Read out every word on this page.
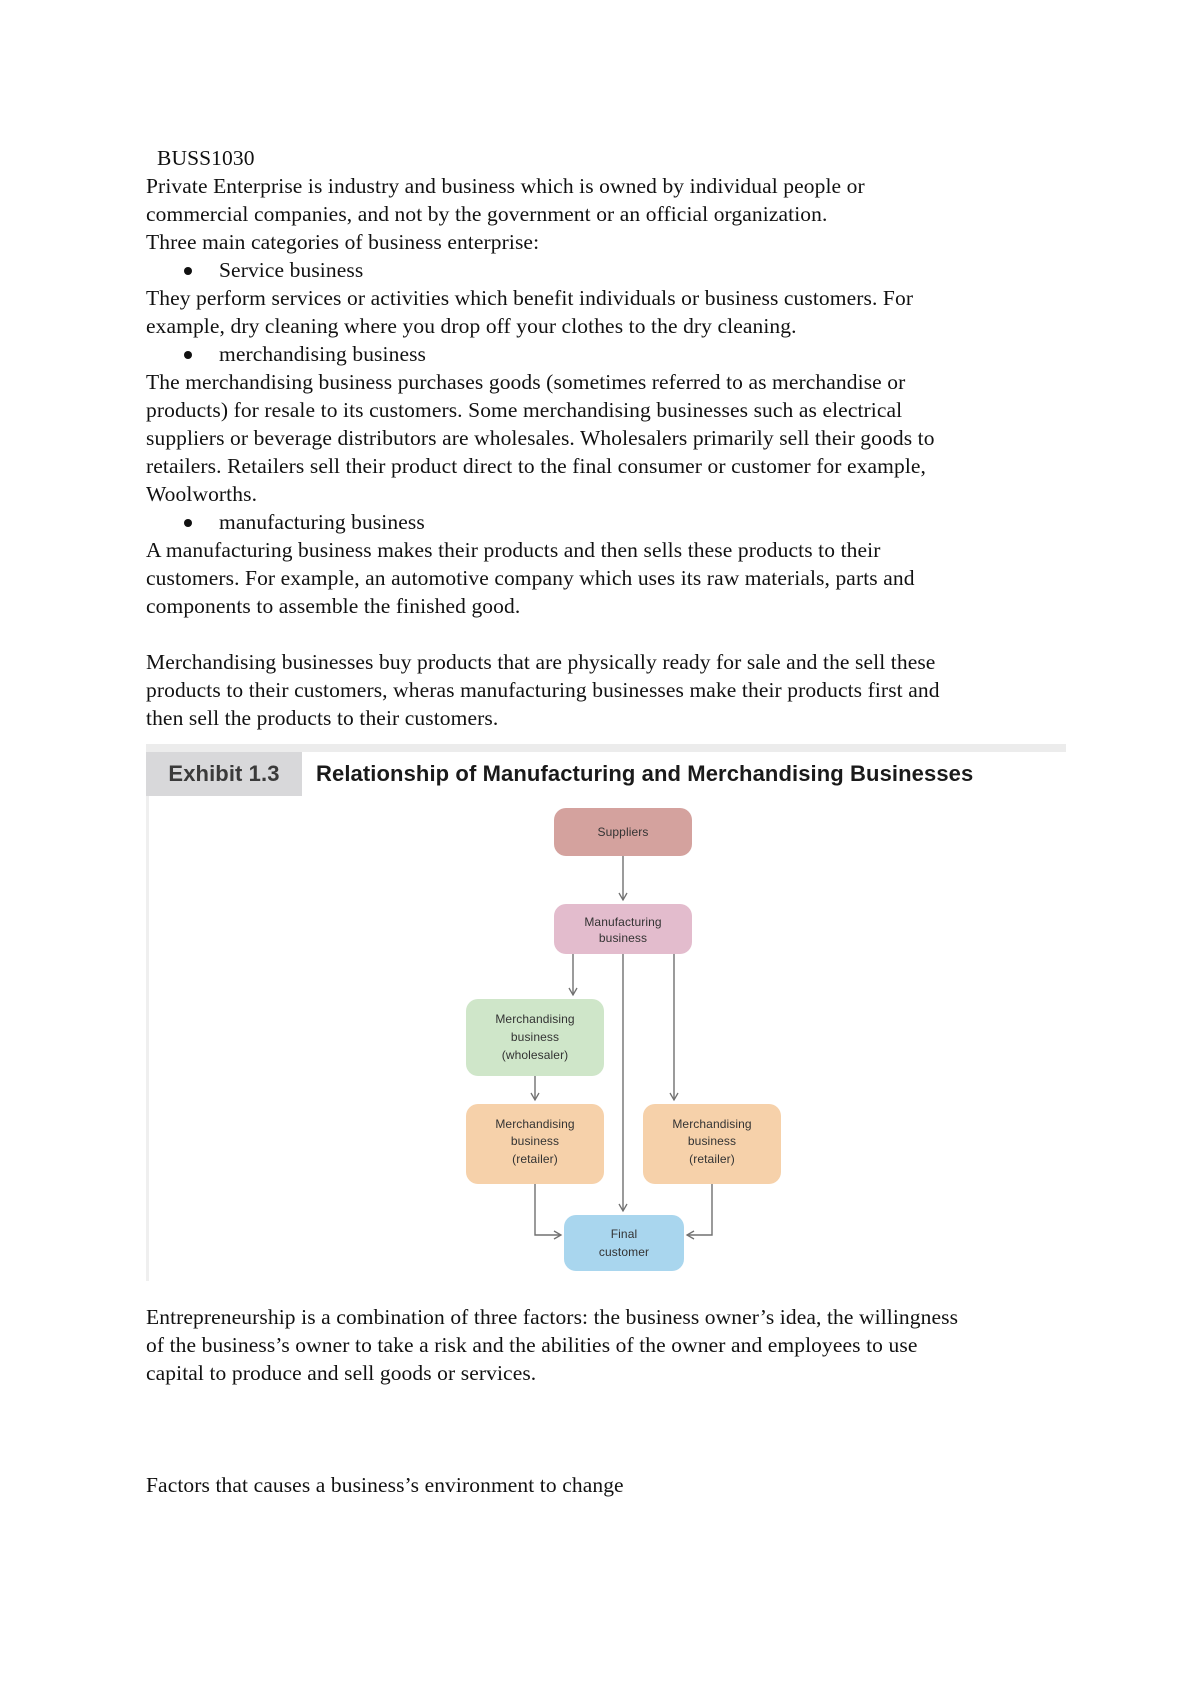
BUSS1030
Private Enterprise is industry and business which is owned by individual people or
commercial companies, and not by the government or an official organization.
Three main categories of business enterprise:
Service business
They perform services or activities which benefit individuals or business customers. For
example, dry cleaning where you drop off your clothes to the dry cleaning.
merchandising business
The merchandising business purchases goods (sometimes referred to as merchandise or
products) for resale to its customers. Some merchandising businesses such as electrical
suppliers or beverage distributors are wholesales. Wholesalers primarily sell their goods to
retailers. Retailers sell their product direct to the final consumer or customer for example,
Woolworths.
manufacturing business
A manufacturing business makes their products and then sells these products to their
customers. For example, an automotive company which uses its raw materials, parts and
components to assemble the finished good.
Merchandising businesses buy products that are physically ready for sale and the sell these
products to their customers, wheras manufacturing businesses make their products first and
then sell the products to their customers.
Exhibit 1.3	Relationship of Manufacturing and Merchandising Businesses
Suppliers
Manufacturing
business
Merchandising
business
(wholesaler)
Merchandising
business
(retailer)
Merchandising
business
(retailer)
Final
customer
Entrepreneurship is a combination of three factors: the business owner’s idea, the willingness
of the business’s owner to take a risk and the abilities of the owner and employees to use
capital to produce and sell goods or services.
Factors that causes a business’s environment to change
